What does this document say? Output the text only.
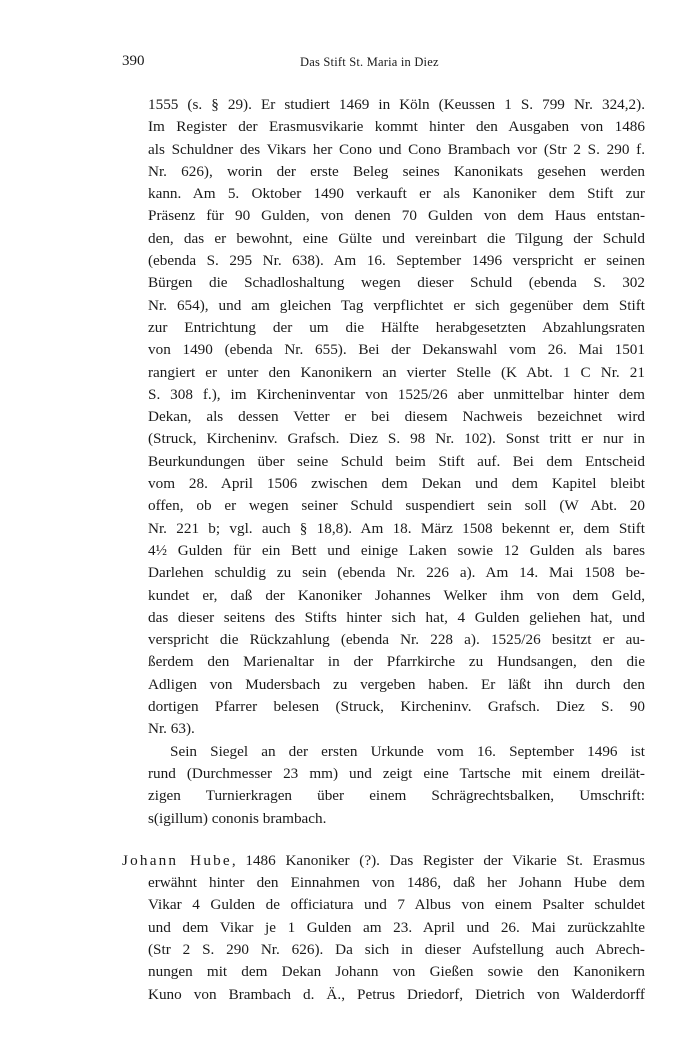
390	Das Stift St. Maria in Diez
1555 (s. § 29). Er studiert 1469 in Köln (Keussen 1 S. 799 Nr. 324,2).
Im Register der Erasmusvikarie kommt hinter den Ausgaben von 1486
als Schuldner des Vikars her Cono und Cono Brambach vor (Str 2 S. 290 f.
Nr. 626), worin der erste Beleg seines Kanonikats gesehen werden
kann. Am 5. Oktober 1490 verkauft er als Kanoniker dem Stift zur
Präsenz für 90 Gulden, von denen 70 Gulden von dem Haus entstan-
den, das er bewohnt, eine Gülte und vereinbart die Tilgung der Schuld
(ebenda S. 295 Nr. 638). Am 16. September 1496 verspricht er seinen
Bürgen die Schadloshaltung wegen dieser Schuld (ebenda S. 302
Nr. 654), und am gleichen Tag verpflichtet er sich gegenüber dem Stift
zur Entrichtung der um die Hälfte herabgesetzten Abzahlungsraten
von 1490 (ebenda Nr. 655). Bei der Dekanswahl vom 26. Mai 1501
rangiert er unter den Kanonikern an vierter Stelle (K Abt. 1 C Nr. 21
S. 308 f.), im Kircheninventar von 1525/26 aber unmittelbar hinter dem
Dekan, als dessen Vetter er bei diesem Nachweis bezeichnet wird
(Struck, Kircheninv. Grafsch. Diez S. 98 Nr. 102). Sonst tritt er nur in
Beurkundungen über seine Schuld beim Stift auf. Bei dem Entscheid
vom 28. April 1506 zwischen dem Dekan und dem Kapitel bleibt
offen, ob er wegen seiner Schuld suspendiert sein soll (W Abt. 20
Nr. 221 b; vgl. auch § 18,8). Am 18. März 1508 bekennt er, dem Stift
4½ Gulden für ein Bett und einige Laken sowie 12 Gulden als bares
Darlehen schuldig zu sein (ebenda Nr. 226 a). Am 14. Mai 1508 be-
kundet er, daß der Kanoniker Johannes Welker ihm von dem Geld,
das dieser seitens des Stifts hinter sich hat, 4 Gulden geliehen hat, und
verspricht die Rückzahlung (ebenda Nr. 228 a). 1525/26 besitzt er au-
ßerdem den Marienaltar in der Pfarrkirche zu Hundsangen, den die
Adligen von Mudersbach zu vergeben haben. Er läßt ihn durch den
dortigen Pfarrer belesen (Struck, Kircheninv. Grafsch. Diez S. 90
Nr. 63).
Sein Siegel an der ersten Urkunde vom 16. September 1496 ist
rund (Durchmesser 23 mm) und zeigt eine Tartsche mit einem dreilät-
zigen Turnierkragen über einem Schrägrechtsbalken, Umschrift:
s(igillum) cononis brambach.
Johann Hube, 1486 Kanoniker (?). Das Register der Vikarie St. Erasmus
erwähnt hinter den Einnahmen von 1486, daß her Johann Hube dem
Vikar 4 Gulden de officiatura und 7 Albus von einem Psalter schuldet
und dem Vikar je 1 Gulden am 23. April und 26. Mai zurückzahlte
(Str 2 S. 290 Nr. 626). Da sich in dieser Aufstellung auch Abrech-
nungen mit dem Dekan Johann von Gießen sowie den Kanonikern
Kuno von Brambach d. Ä., Petrus Driedorf, Dietrich von Walderdorff
